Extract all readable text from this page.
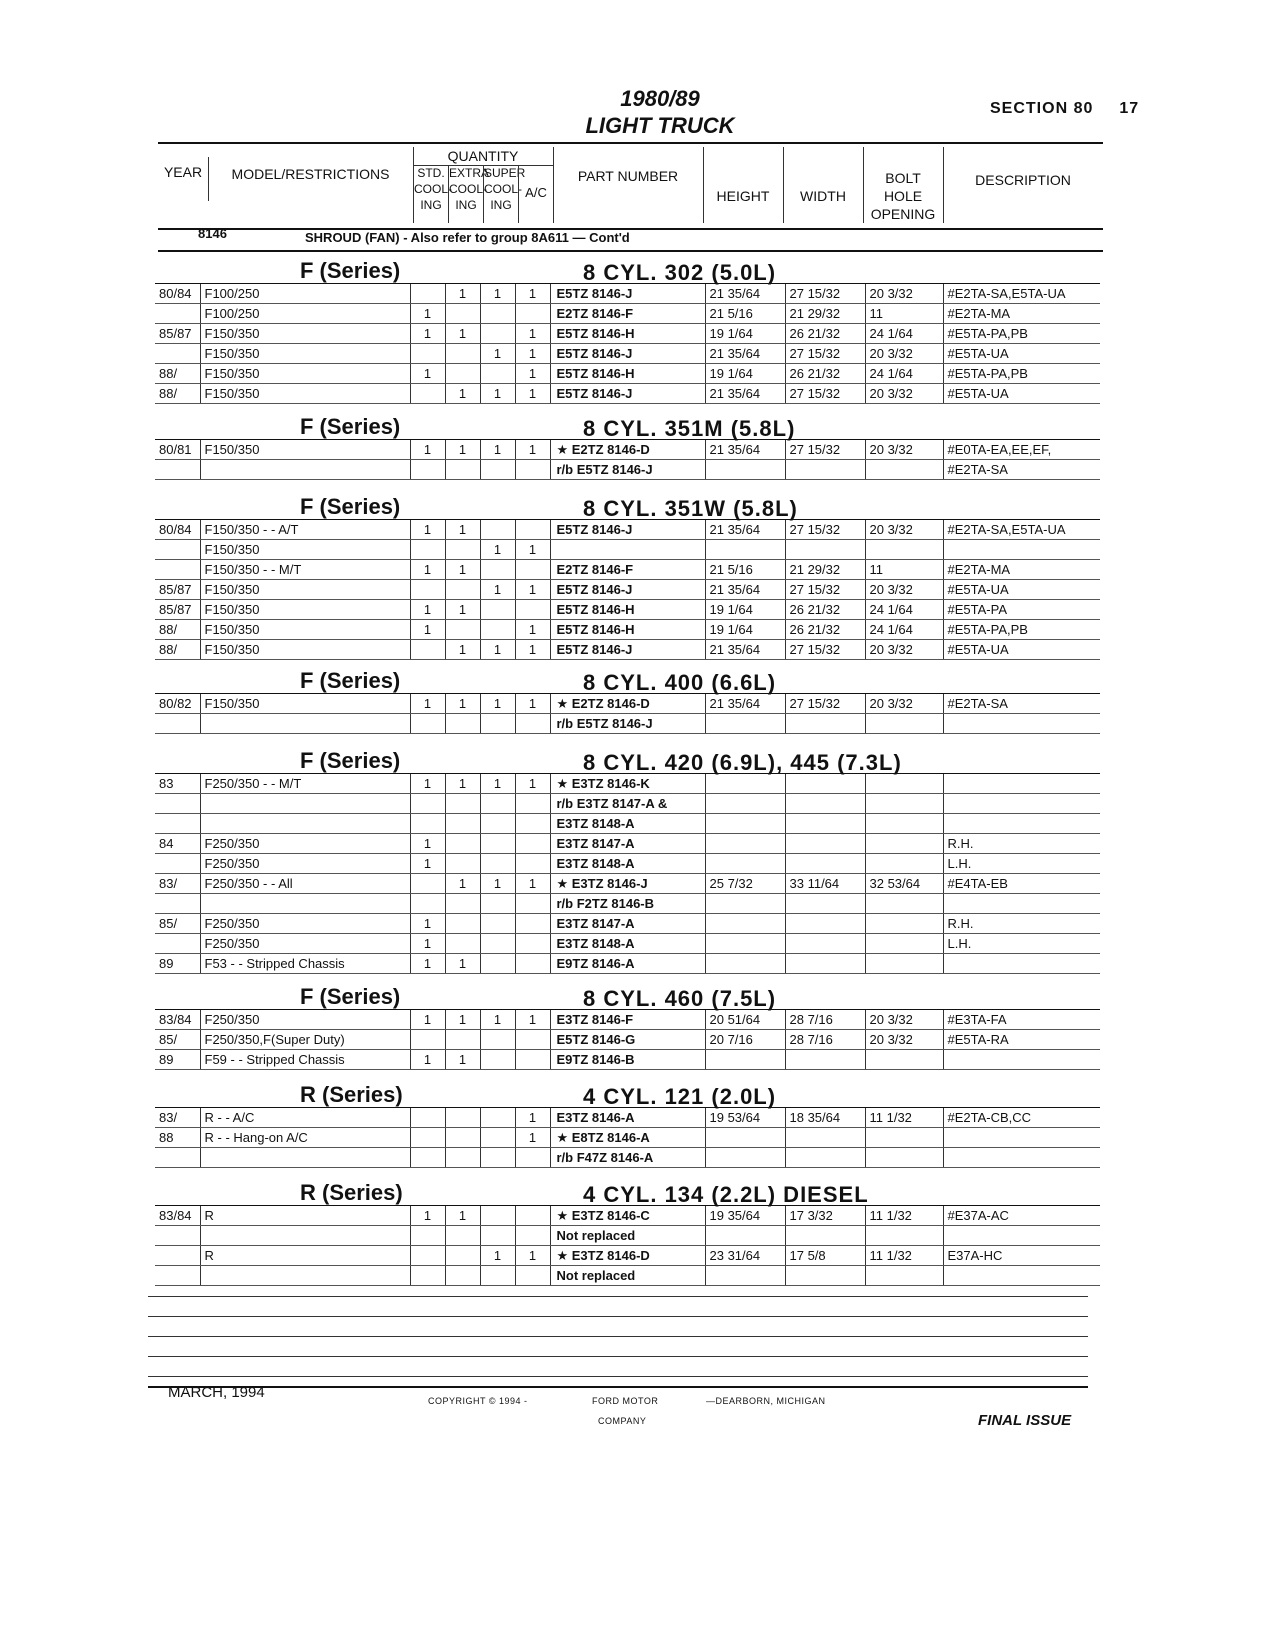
1980/89
LIGHT TRUCK
SECTION 80 17
YEAR	MODEL/RESTRICTIONS
QUANTITY
STD.
COOL-
ING
EXTRA
COOL-
ING
SUPER
COOL-
ING
A/C
PART NUMBER
HEIGHT	WIDTH
BOLT
HOLE
OPENING
DESCRIPTION
8146	SHROUD (FAN) - Also refer to group 8A611 — Cont'd
F (Series)	8 CYL. 302 (5.0L)
80/84	F100/250		1	1	1	E5TZ 8146-J	21 35/64	27 15/32	20 3/32	#E2TA-SA,E5TA-UA
	F100/250	1				E2TZ 8146-F	21 5/16	21 29/32	11	#E2TA-MA
85/87	F150/350	1	1		1	E5TZ 8146-H	19 1/64	26 21/32	24 1/64	#E5TA-PA,PB
	F150/350			1	1	E5TZ 8146-J	21 35/64	27 15/32	20 3/32	#E5TA-UA
88/	F150/350	1			1	E5TZ 8146-H	19 1/64	26 21/32	24 1/64	#E5TA-PA,PB
88/	F150/350		1	1	1	E5TZ 8146-J	21 35/64	27 15/32	20 3/32	#E5TA-UA
F (Series)	8 CYL. 351M (5.8L)
80/81	F150/350	1	1	1	1	★ E2TZ 8146-D	21 35/64	27 15/32	20 3/32	#E0TA-EA,EE,EF,
						r/b E5TZ 8146-J				#E2TA-SA
F (Series)	8 CYL. 351W (5.8L)
80/84	F150/350 - - A/T	1	1			E5TZ 8146-J	21 35/64	27 15/32	20 3/32	#E2TA-SA,E5TA-UA
	F150/350			1	1					
	F150/350 - - M/T	1	1			E2TZ 8146-F	21 5/16	21 29/32	11	#E2TA-MA
85/87	F150/350			1	1	E5TZ 8146-J	21 35/64	27 15/32	20 3/32	#E5TA-UA
85/87	F150/350	1	1			E5TZ 8146-H	19 1/64	26 21/32	24 1/64	#E5TA-PA
88/	F150/350	1			1	E5TZ 8146-H	19 1/64	26 21/32	24 1/64	#E5TA-PA,PB
88/	F150/350		1	1	1	E5TZ 8146-J	21 35/64	27 15/32	20 3/32	#E5TA-UA
F (Series)	8 CYL. 400 (6.6L)
80/82	F150/350	1	1	1	1	★ E2TZ 8146-D	21 35/64	27 15/32	20 3/32	#E2TA-SA
						r/b E5TZ 8146-J				
F (Series)	8 CYL. 420 (6.9L), 445 (7.3L)
83	F250/350 - - M/T	1	1	1	1	★ E3TZ 8146-K				
						r/b E3TZ 8147-A &				
						E3TZ 8148-A				
84	F250/350	1				E3TZ 8147-A				R.H.
	F250/350	1				E3TZ 8148-A				L.H.
83/	F250/350 - - All		1	1	1	★ E3TZ 8146-J	25 7/32	33 11/64	32 53/64	#E4TA-EB
						r/b F2TZ 8146-B				
85/	F250/350	1				E3TZ 8147-A				R.H.
	F250/350	1				E3TZ 8148-A				L.H.
89	F53 - - Stripped Chassis	1	1			E9TZ 8146-A				
F (Series)	8 CYL. 460 (7.5L)
83/84	F250/350	1	1	1	1	E3TZ 8146-F	20 51/64	28 7/16	20 3/32	#E3TA-FA
85/	F250/350,F(Super Duty)					E5TZ 8146-G	20 7/16	28 7/16	20 3/32	#E5TA-RA
89	F59 - - Stripped Chassis	1	1			E9TZ 8146-B				
R (Series)	4 CYL. 121 (2.0L)
83/	R - - A/C				1	E3TZ 8146-A	19 53/64	18 35/64	11 1/32	#E2TA-CB,CC
88	R - - Hang-on A/C				1	★ E8TZ 8146-A				
						r/b F47Z 8146-A				
R (Series)	4 CYL. 134 (2.2L) DIESEL
83/84	R	1	1			★ E3TZ 8146-C	19 35/64	17 3/32	11 1/32	#E37A-AC
						Not replaced				
	R			1	1	★ E3TZ 8146-D	23 31/64	17 5/8	11 1/32	E37A-HC
						Not replaced				
MARCH, 1994	COPYRIGHT © 1994 -	FORD MOTOR
COMPANY
—DEARBORN, MICHIGAN
FINAL ISSUE
